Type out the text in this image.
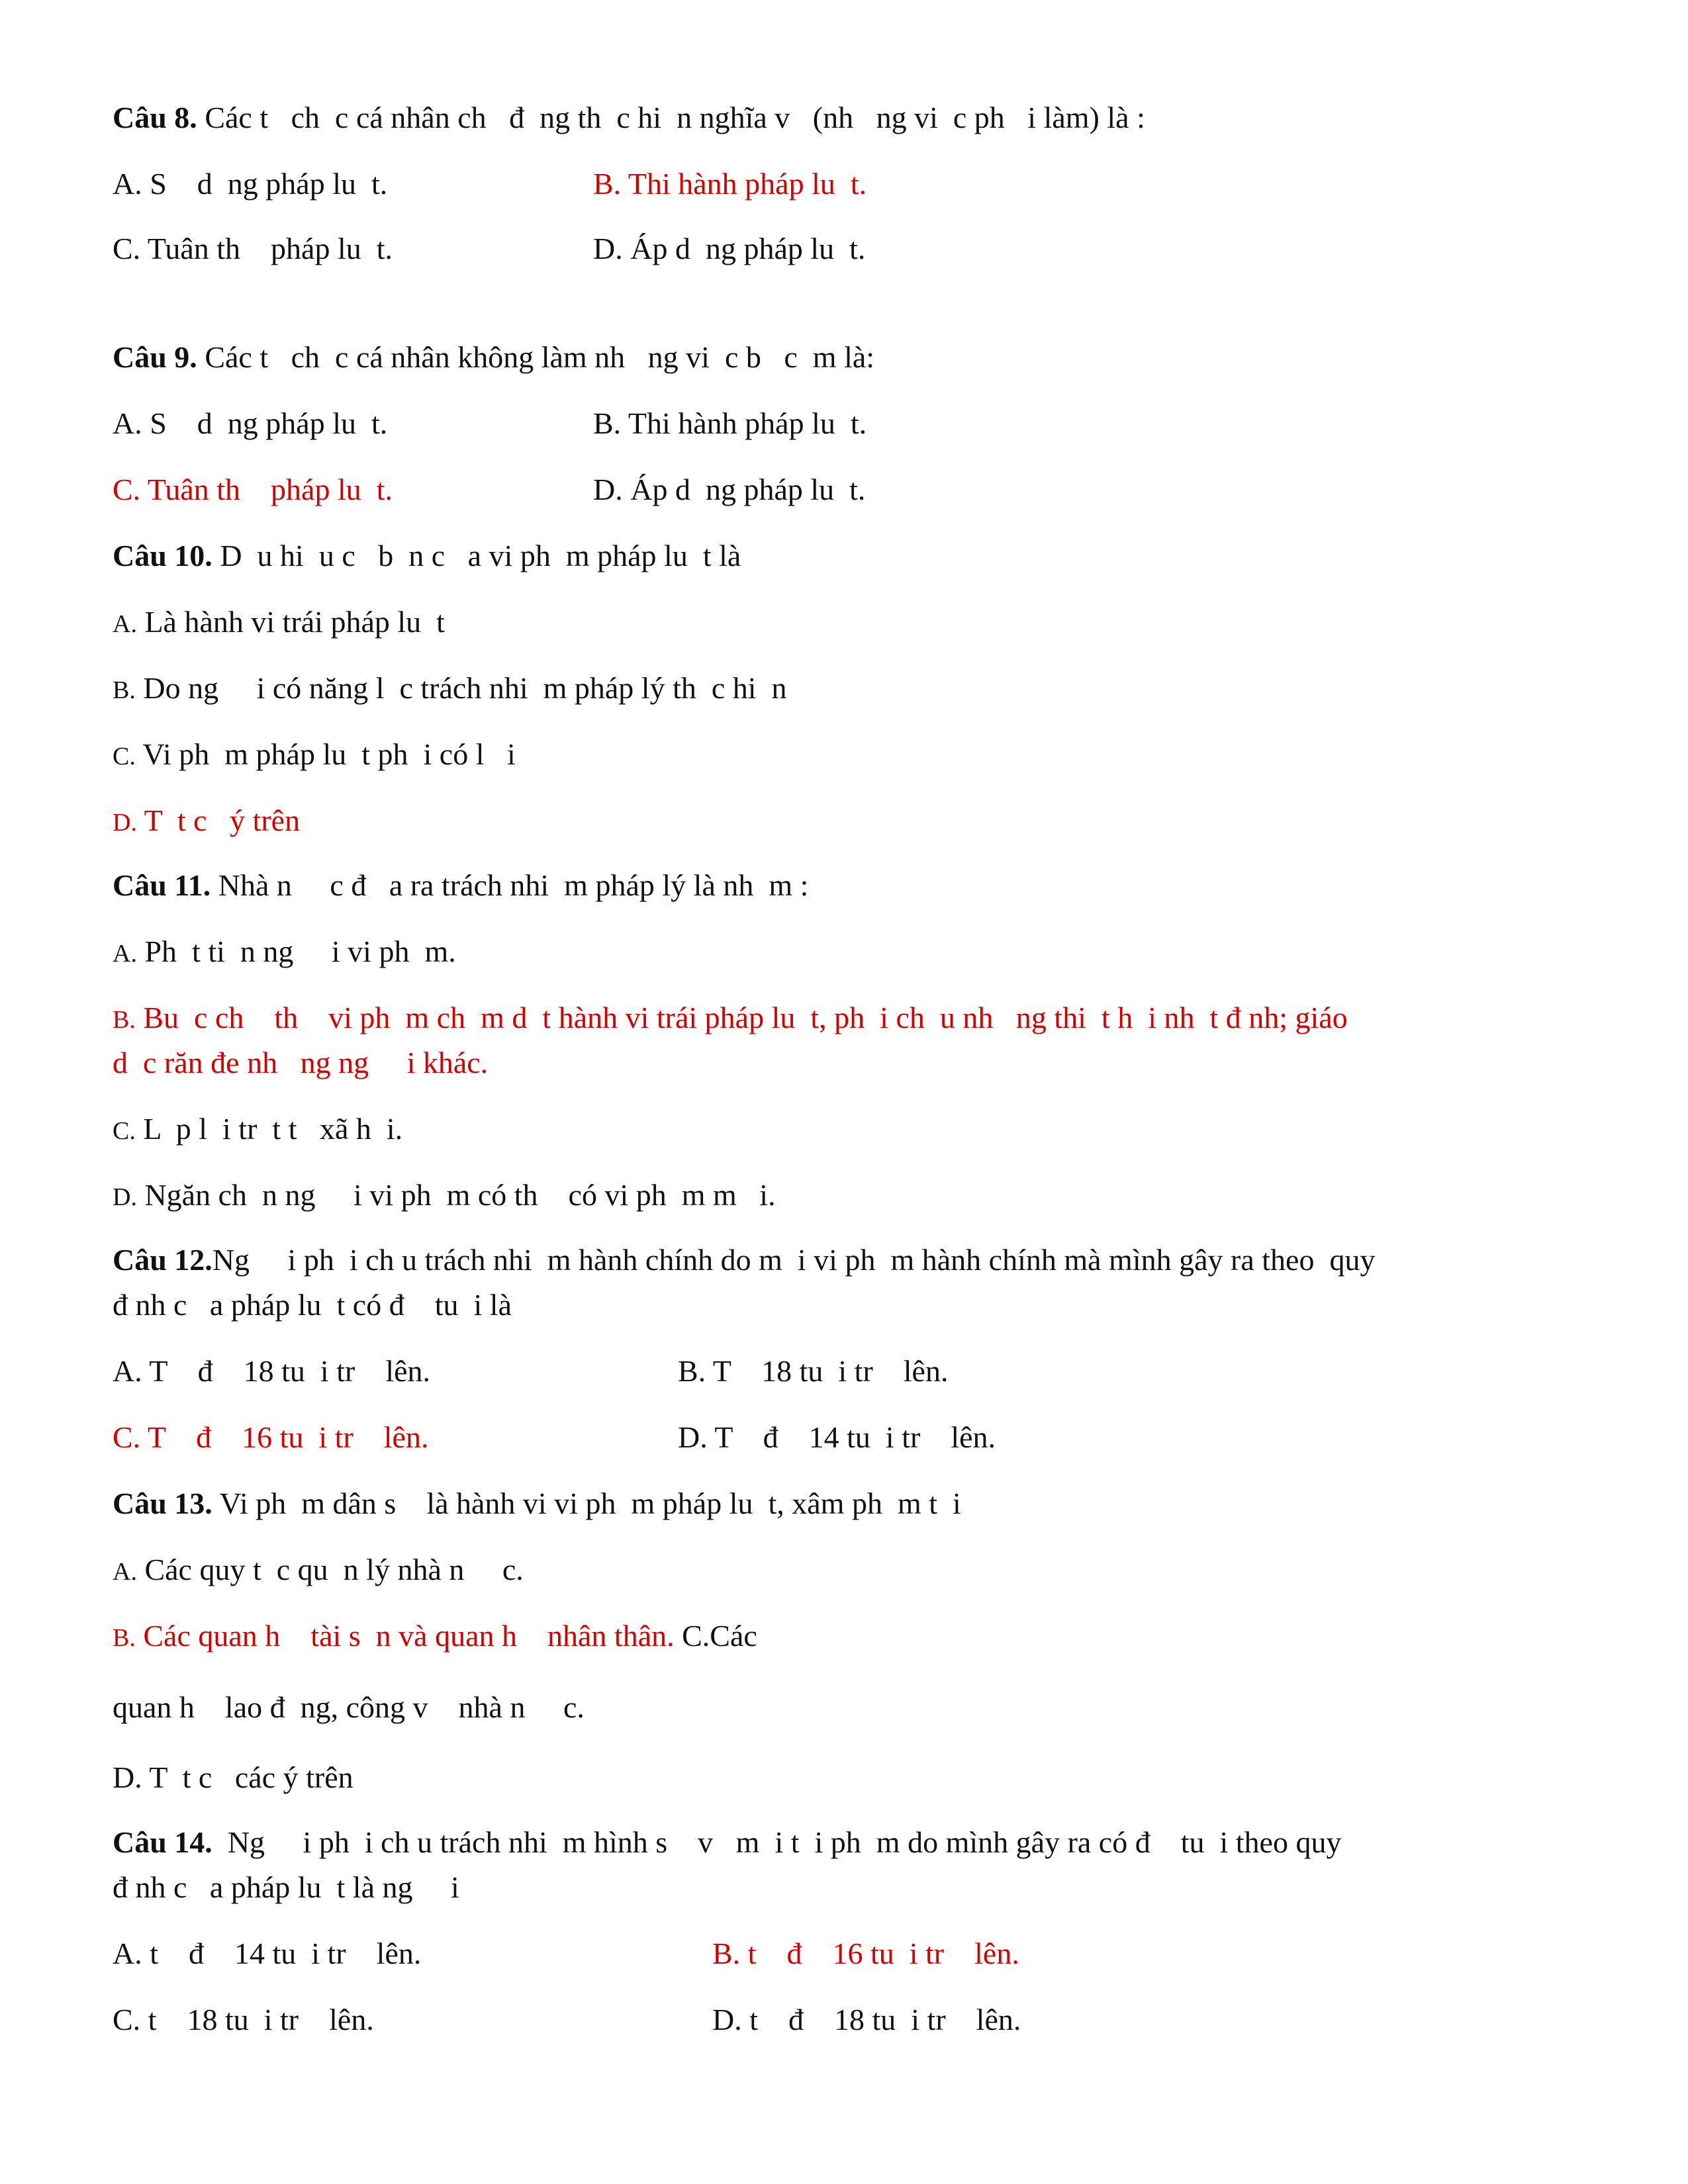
Câu 8. Các t   ch  c cá nhân ch   đ  ng th  c hi  n nghĩa v   (nh   ng vi  c ph   i làm) là :
A. S    d  ng pháp lu  t.	B. Thi hành pháp lu  t.
C. Tuân th    pháp lu  t.	D. Áp d  ng pháp lu  t.
Câu 9. Các t   ch  c cá nhân không làm nh   ng vi  c b   c  m là:
A. S    d  ng pháp lu  t.	B. Thi hành pháp lu  t.
C. Tuân th    pháp lu  t.	D. Áp d  ng pháp lu  t.
Câu 10. D  u hi  u c   b  n c   a vi ph  m pháp lu  t là
A. Là hành vi trái pháp lu  t
B. Do ng     i có năng l  c trách nhi  m pháp lý th  c hi  n
C. Vi ph  m pháp lu  t ph  i có l   i
D. T  t c   ý trên
Câu 11. Nhà n     c đ   a ra trách nhi  m pháp lý là nh  m :
A. Ph  t ti  n ng     i vi ph  m.
B. Bu  c ch    th    vi ph  m ch  m d  t hành vi trái pháp lu  t, ph  i ch  u nh   ng thi  t h  i nh  t đ nh; giáo
d  c răn đe nh   ng ng     i khác.
C. L  p l  i tr  t t   xã h  i.
D. Ngăn ch  n ng     i vi ph  m có th    có vi ph  m m   i.
Câu 12.Ng     i ph  i ch u trách nhi  m hành chính do m  i vi ph  m hành chính mà mình gây ra theo  quy
đ nh c   a pháp lu  t có đ    tu  i là
A. T    đ    18 tu  i tr    lên.	B. T    18 tu  i tr    lên.
C. T    đ    16 tu  i tr    lên.	D. T    đ    14 tu  i tr    lên.
Câu 13. Vi ph  m dân s    là hành vi vi ph  m pháp lu  t, xâm ph  m t  i
A. Các quy t  c qu  n lý nhà n     c.
B. Các quan h    tài s  n và quan h    nhân thân. C.Các
quan h    lao đ  ng, công v    nhà n     c.
D. T  t c   các ý trên
Câu 14.  Ng     i ph  i ch u trách nhi  m hình s    v   m  i t  i ph  m do mình gây ra có đ    tu  i theo quy
đ nh c   a pháp lu  t là ng     i
A. t    đ    14 tu  i tr    lên.	B. t    đ    16 tu  i tr    lên.
C. t    18 tu  i tr    lên.	D. t    đ    18 tu  i tr    lên.
